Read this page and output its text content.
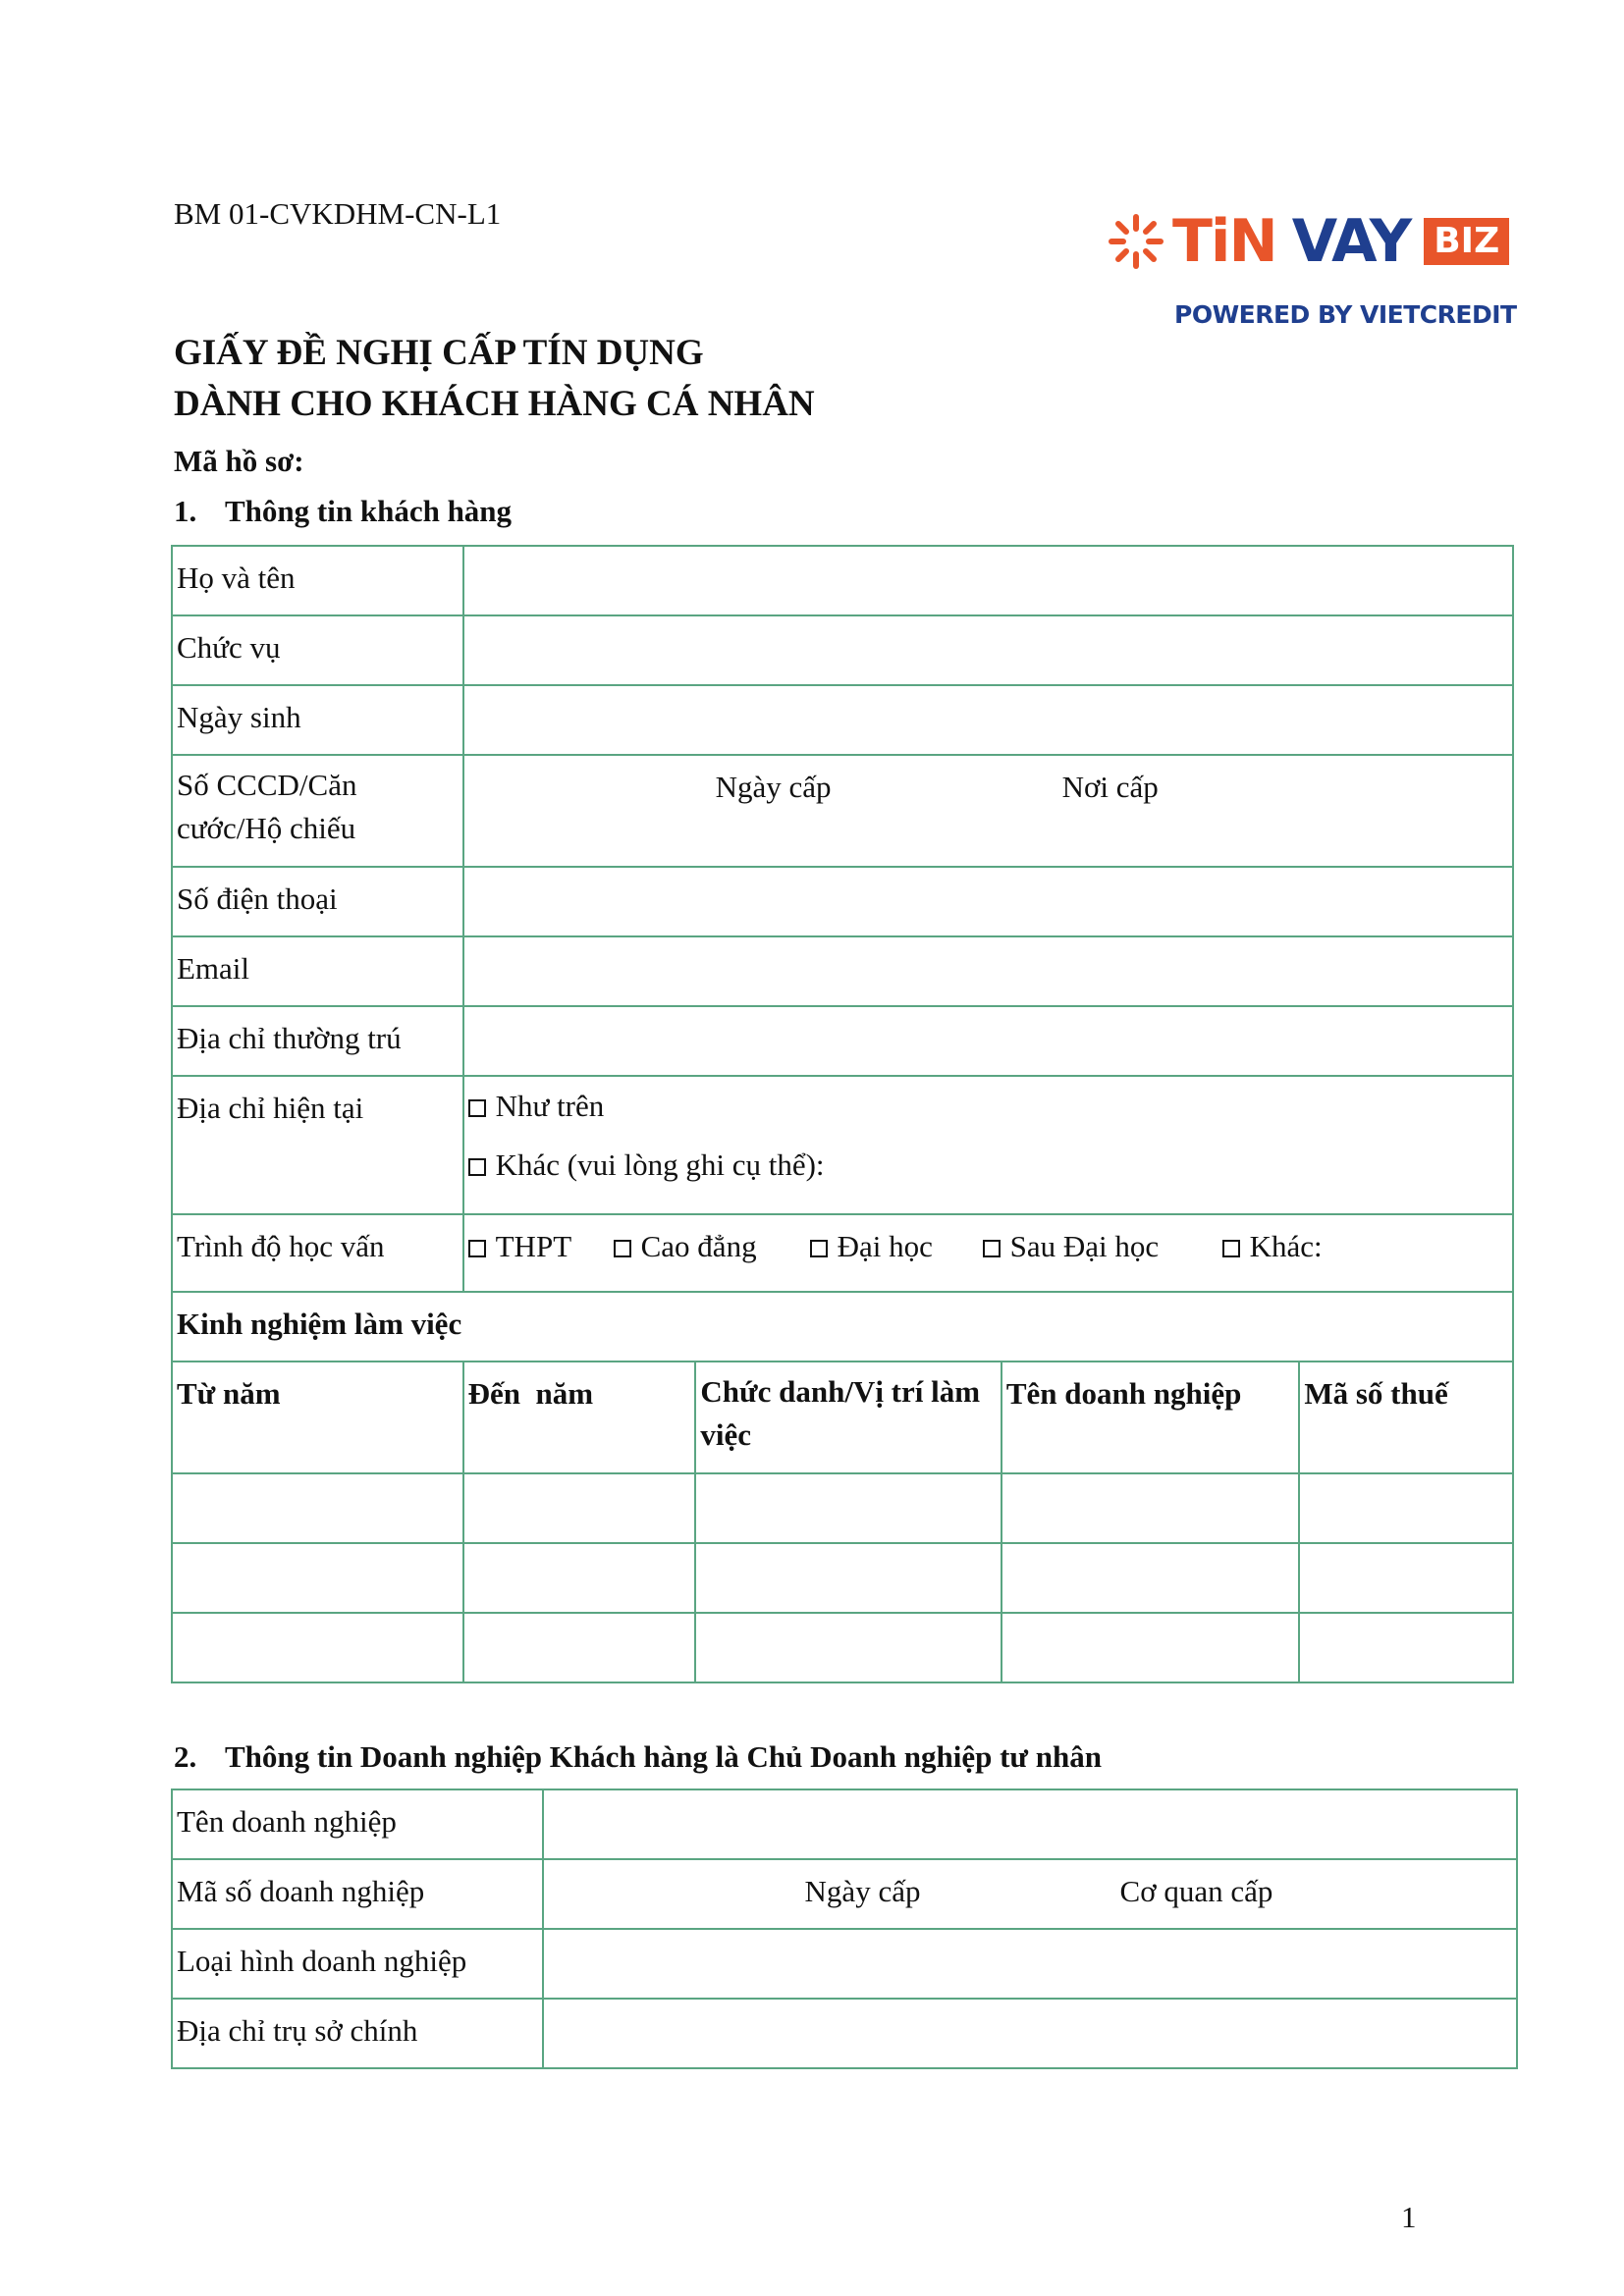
BM 01-CVKDHM-CN-L1	TiN VAY BIZ
POWERED BY VIETCREDIT
GIẤY ĐỀ NGHỊ CẤP TÍN DỤNG
DÀNH CHO KHÁCH HÀNG CÁ NHÂN
Mã hồ sơ:
1. Thông tin khách hàng
Họ và tên				
Chức vụ				
Ngày sinh				
Số CCCD/Căn cước/Hộ chiếu	Ngày cấp Nơi cấp			

Số điện thoại				
Email				
Địa chỉ thường trú				
Địa chỉ hiện tại	Như trên
Khác (vui lòng ghi cụ thể):			

Trình độ học vấn	THPT Cao đẳng Đại học Sau Đại học Khác:			

Kinh nghiệm làm việc				
Từ năm	Đến  năm	Chức danh/Vị trí làm việc	Tên doanh nghiệp	Mã số thuế

2. Thông tin Doanh nghiệp Khách hàng là Chủ Doanh nghiệp tư nhân
Tên doanh nghiệp	
Mã số doanh nghiệp	Ngày cấp Cơ quan cấp

Loại hình doanh nghiệp	
Địa chỉ trụ sở chính	
1
